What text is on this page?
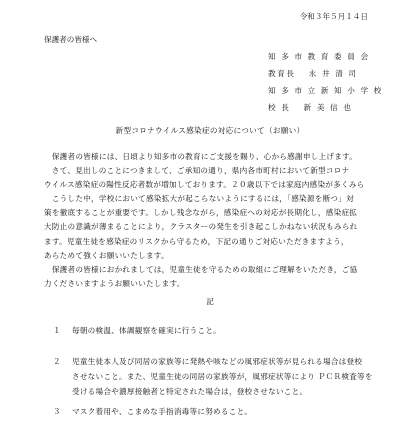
令和３年５月１４日
保護者の皆様へ
知 多 市 教 育 委 員 会
教育長　 永 井 清 司
知 多 市 立 新 知 小 学 校
校 長 　新 美 信 也
新型コロナウイルス感染症の対応について（お願い）
　保護者の皆様には、日頃より知多市の教育にご支援を賜り、心から感謝申し上げます。
　さて、見出しのことにつきまして、ご承知の通り，県内各市町村において新型コロナ
ウイルス感染症の陽性反応者数が増加しております。２０歳以下では家庭内感染が多くみら
　こうした中，学校において感染拡大が起こらないようにするには，「感染源を断つ」対
策を徹底することが重要です。しかし残念ながら，感染症への対応が長期化し，感染症拡
大防止の意識が薄まることにより，クラスターの発生を引き起こしかねない状況もみられ
ます。児童生徒を感染症のリスクから守るため，下記の通りご対応いただきますよう，
あらためて強くお願いいたします。
　保護者の皆様におかれましては，児童生徒を守るための取組にご理解をいただき，ご協
力くださいますようお願いいたします。
記
１ 毎朝の検温、体調観察を確実に行うこと。
２ 児童生徒本人及び同居の家族等に発熱や咳などの風邪症状等が見られる場合は登校
させないこと。また、児童生徒の同居の家族等が，風邪症状等により ＰＣＲ検査等を
受ける場合や濃厚接触者と特定された場合は，登校させないこと。
３ マスク着用や、こまめな手指消毒等に努めること。
